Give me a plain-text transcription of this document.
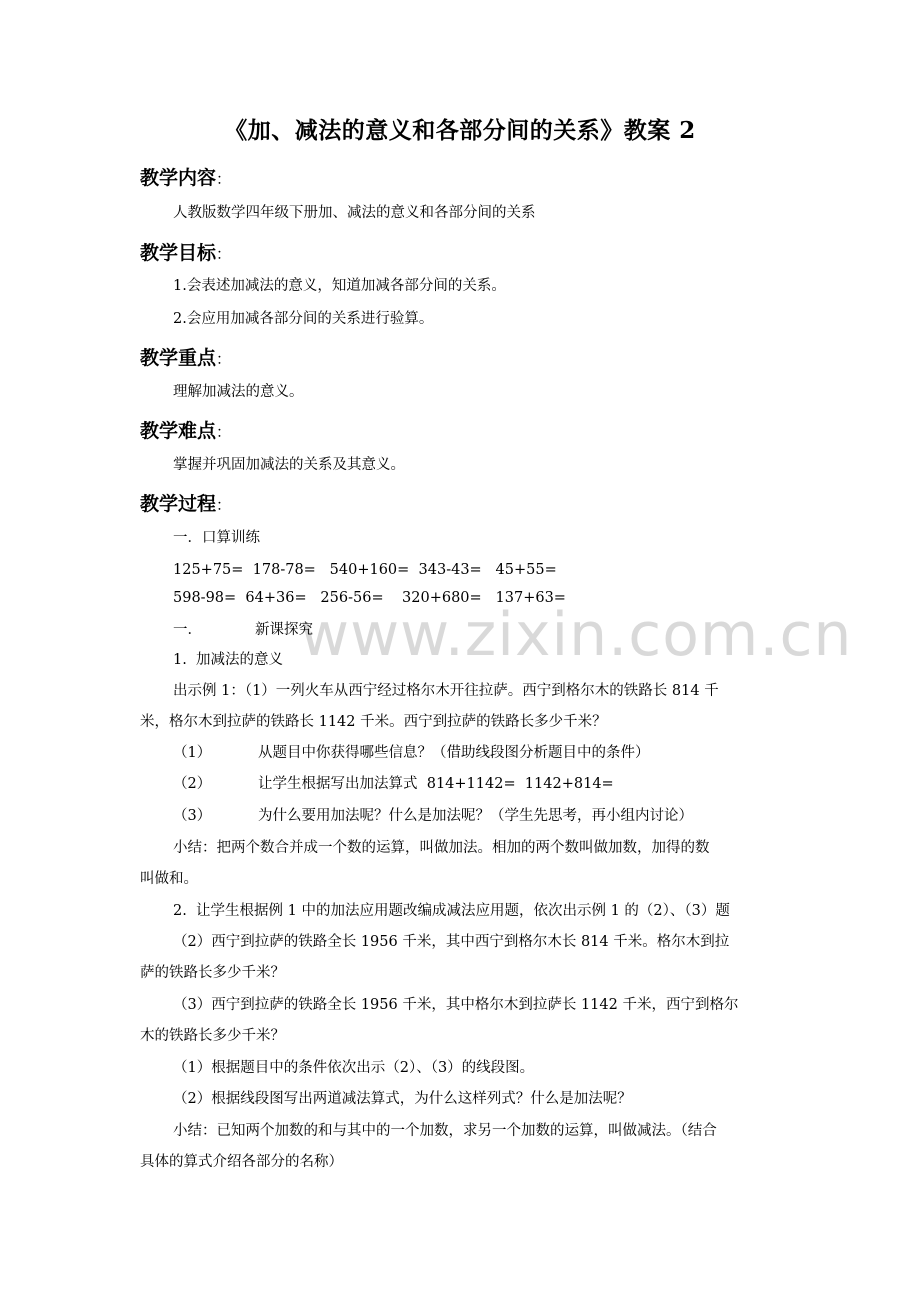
www.zixin.com.cn
《加、减法的意义和各部分间的关系》教案 2
教学内容：
人教版数学四年级下册加、减法的意义和各部分间的关系
教学目标：
1.会表述加减法的意义，知道加减各部分间的关系。
2.会应用加减各部分间的关系进行验算。
教学重点：
理解加减法的意义。
教学难点：
掌握并巩固加减法的关系及其意义。
教学过程：
一．口算训练
125+75=  178-78=   540+160=  343-43=   45+55=
598-98=  64+36=   256-56=    320+680=   137+63=
一．	新课探究
1.  加减法的意义
出示例 1：（1）一列火车从西宁经过格尔木开往拉萨。西宁到格尔木的铁路长 814 千
米，格尔木到拉萨的铁路长 1142 千米。西宁到拉萨的铁路长多少千米？
（1）	从题目中你获得哪些信息？（借助线段图分析题目中的条件）
（2）	让学生根据写出加法算式  814+1142=  1142+814=
（3）	为什么要用加法呢？什么是加法呢？（学生先思考，再小组内讨论）
小结：把两个数合并成一个数的运算，叫做加法。相加的两个数叫做加数，加得的数
叫做和。
2.  让学生根据例 1 中的加法应用题改编成减法应用题，依次出示例 1 的（2）、（3）题
（2）西宁到拉萨的铁路全长 1956 千米，其中西宁到格尔木长 814 千米。格尔木到拉
萨的铁路长多少千米？
（3）西宁到拉萨的铁路全长 1956 千米，其中格尔木到拉萨长 1142 千米，西宁到格尔
木的铁路长多少千米？
（1）根据题目中的条件依次出示（2）、（3）的线段图。
（2）根据线段图写出两道减法算式，为什么这样列式？什么是加法呢？
小结：已知两个加数的和与其中的一个加数，求另一个加数的运算，叫做减法。（结合
具体的算式介绍各部分的名称）
